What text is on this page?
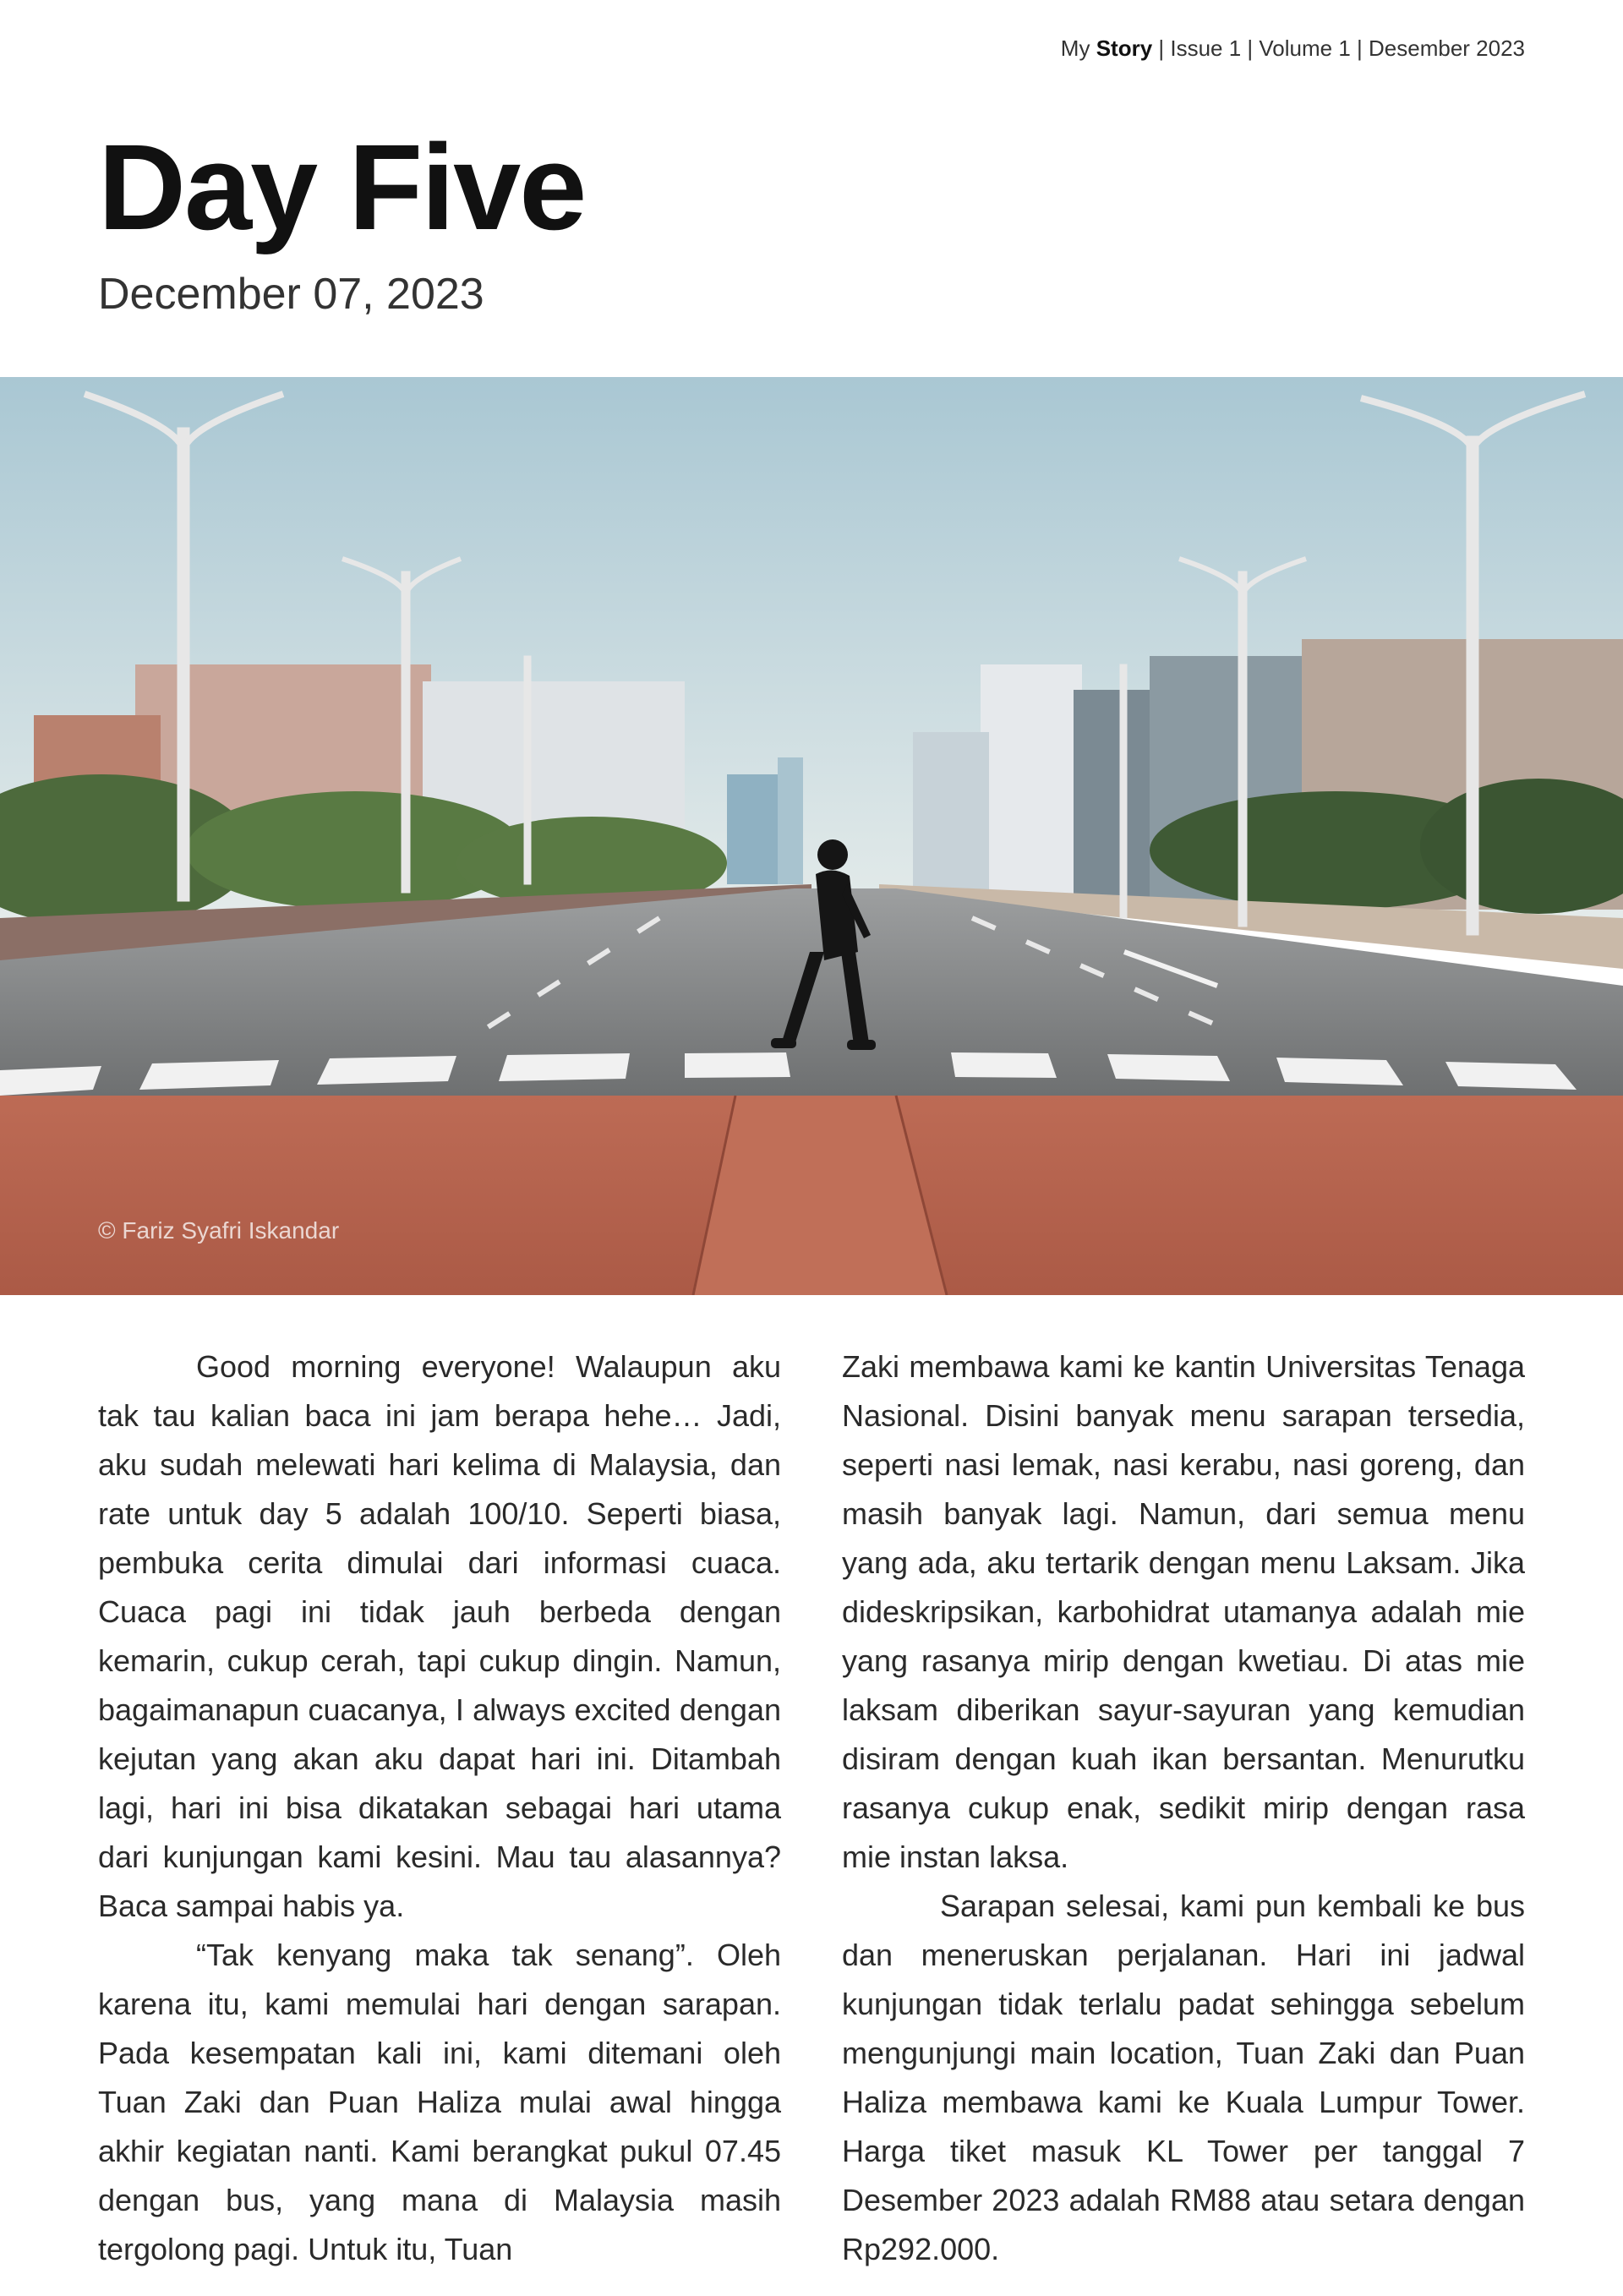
My Story | Issue 1 | Volume 1 | Desember 2023
Day Five
December 07, 2023
© Fariz Syafri Iskandar

Good morning everyone! Walaupun aku tak tau kalian baca ini jam berapa hehe… Jadi, aku sudah melewati hari kelima di Malaysia, dan rate untuk day 5 adalah 100/10. Seperti biasa, pembuka cerita dimulai dari informasi cuaca. Cuaca pagi ini tidak jauh berbeda dengan kemarin, cukup cerah, tapi cukup dingin. Namun, bagaimanapun cuacanya, I always excited dengan kejutan yang akan aku dapat hari ini. Ditambah lagi, hari ini bisa dikatakan sebagai hari utama dari kunjungan kami kesini. Mau tau alasannya? Baca sampai habis ya.

“Tak kenyang maka tak senang”. Oleh karena itu, kami memulai hari dengan sarapan. Pada kesempatan kali ini, kami ditemani oleh Tuan Zaki dan Puan Haliza mulai awal hingga akhir kegiatan nanti. Kami berangkat pukul 07.45 dengan bus, yang mana di Malaysia masih tergolong pagi. Untuk itu, Tuan

Zaki membawa kami ke kantin Universitas Tenaga Nasional. Disini banyak menu sarapan tersedia, seperti nasi lemak, nasi kerabu, nasi goreng, dan masih banyak lagi. Namun, dari semua menu yang ada, aku tertarik dengan menu Laksam. Jika dideskripsikan, karbohidrat utamanya adalah mie yang rasanya mirip dengan kwetiau. Di atas mie laksam diberikan sayur-sayuran yang kemudian disiram dengan kuah ikan bersantan. Menurutku rasanya cukup enak, sedikit mirip dengan rasa mie instan laksa.

Sarapan selesai, kami pun kembali ke bus dan meneruskan perjalanan. Hari ini jadwal kunjungan tidak terlalu padat sehingga sebelum mengunjungi main location, Tuan Zaki dan Puan Haliza membawa kami ke Kuala Lumpur Tower. Harga tiket masuk KL Tower per tanggal 7 Desember 2023 adalah RM88 atau setara dengan Rp292.000.
